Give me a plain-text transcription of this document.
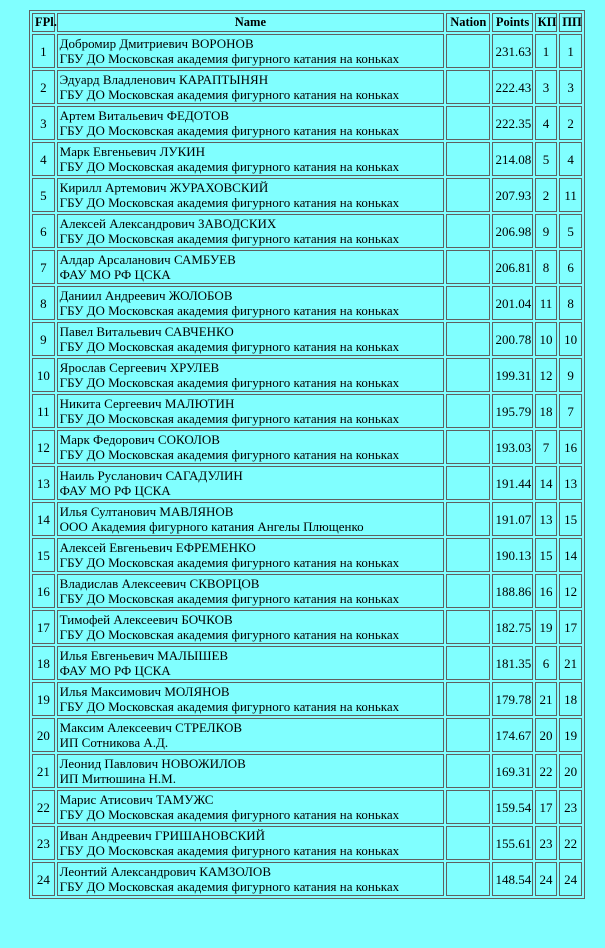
FPl.	Name	Nation	Points	КП	ПП
1	Добромир Дмитриевич ВОРОНОВ
ГБУ ДО Московская академия фигурного катания на коньках		231.63	1	1
2	Эдуард Владленович КАРАПТЫНЯН
ГБУ ДО Московская академия фигурного катания на коньках		222.43	3	3
3	Артем Витальевич ФЕДОТОВ
ГБУ ДО Московская академия фигурного катания на коньках		222.35	4	2
4	Марк Евгеньевич ЛУКИН
ГБУ ДО Московская академия фигурного катания на коньках		214.08	5	4
5	Кирилл Артемович ЖУРАХОВСКИЙ
ГБУ ДО Московская академия фигурного катания на коньках		207.93	2	11
6	Алексей Александрович ЗАВОДСКИХ
ГБУ ДО Московская академия фигурного катания на коньках		206.98	9	5
7	Алдар Арсаланович САМБУЕВ
ФАУ МО РФ ЦСКА		206.81	8	6
8	Даниил Андреевич ЖОЛОБОВ
ГБУ ДО Московская академия фигурного катания на коньках		201.04	11	8
9	Павел Витальевич САВЧЕНКО
ГБУ ДО Московская академия фигурного катания на коньках		200.78	10	10
10	Ярослав Сергеевич ХРУЛЕВ
ГБУ ДО Московская академия фигурного катания на коньках		199.31	12	9
11	Никита Сергеевич МАЛЮТИН
ГБУ ДО Московская академия фигурного катания на коньках		195.79	18	7
12	Марк Федорович СОКОЛОВ
ГБУ ДО Московская академия фигурного катания на коньках		193.03	7	16
13	Наиль Русланович САГАДУЛИН
ФАУ МО РФ ЦСКА		191.44	14	13
14	Илья Султанович МАВЛЯНОВ
ООО Академия фигурного катания Ангелы Плющенко		191.07	13	15
15	Алексей Евгеньевич ЕФРЕМЕНКО
ГБУ ДО Московская академия фигурного катания на коньках		190.13	15	14
16	Владислав Алексеевич СКВОРЦОВ
ГБУ ДО Московская академия фигурного катания на коньках		188.86	16	12
17	Тимофей Алексеевич БОЧКОВ
ГБУ ДО Московская академия фигурного катания на коньках		182.75	19	17
18	Илья Евгеньевич МАЛЫШЕВ
ФАУ МО РФ ЦСКА		181.35	6	21
19	Илья Максимович МОЛЯНОВ
ГБУ ДО Московская академия фигурного катания на коньках		179.78	21	18
20	Максим Алексеевич СТРЕЛКОВ
ИП Сотникова А.Д.		174.67	20	19
21	Леонид Павлович НОВОЖИЛОВ
ИП Митюшина Н.М.		169.31	22	20
22	Марис Атисович ТАМУЖС
ГБУ ДО Московская академия фигурного катания на коньках		159.54	17	23
23	Иван Андреевич ГРИШАНОВСКИЙ
ГБУ ДО Московская академия фигурного катания на коньках		155.61	23	22
24	Леонтий Александрович КАМЗОЛОВ
ГБУ ДО Московская академия фигурного катания на коньках		148.54	24	24
